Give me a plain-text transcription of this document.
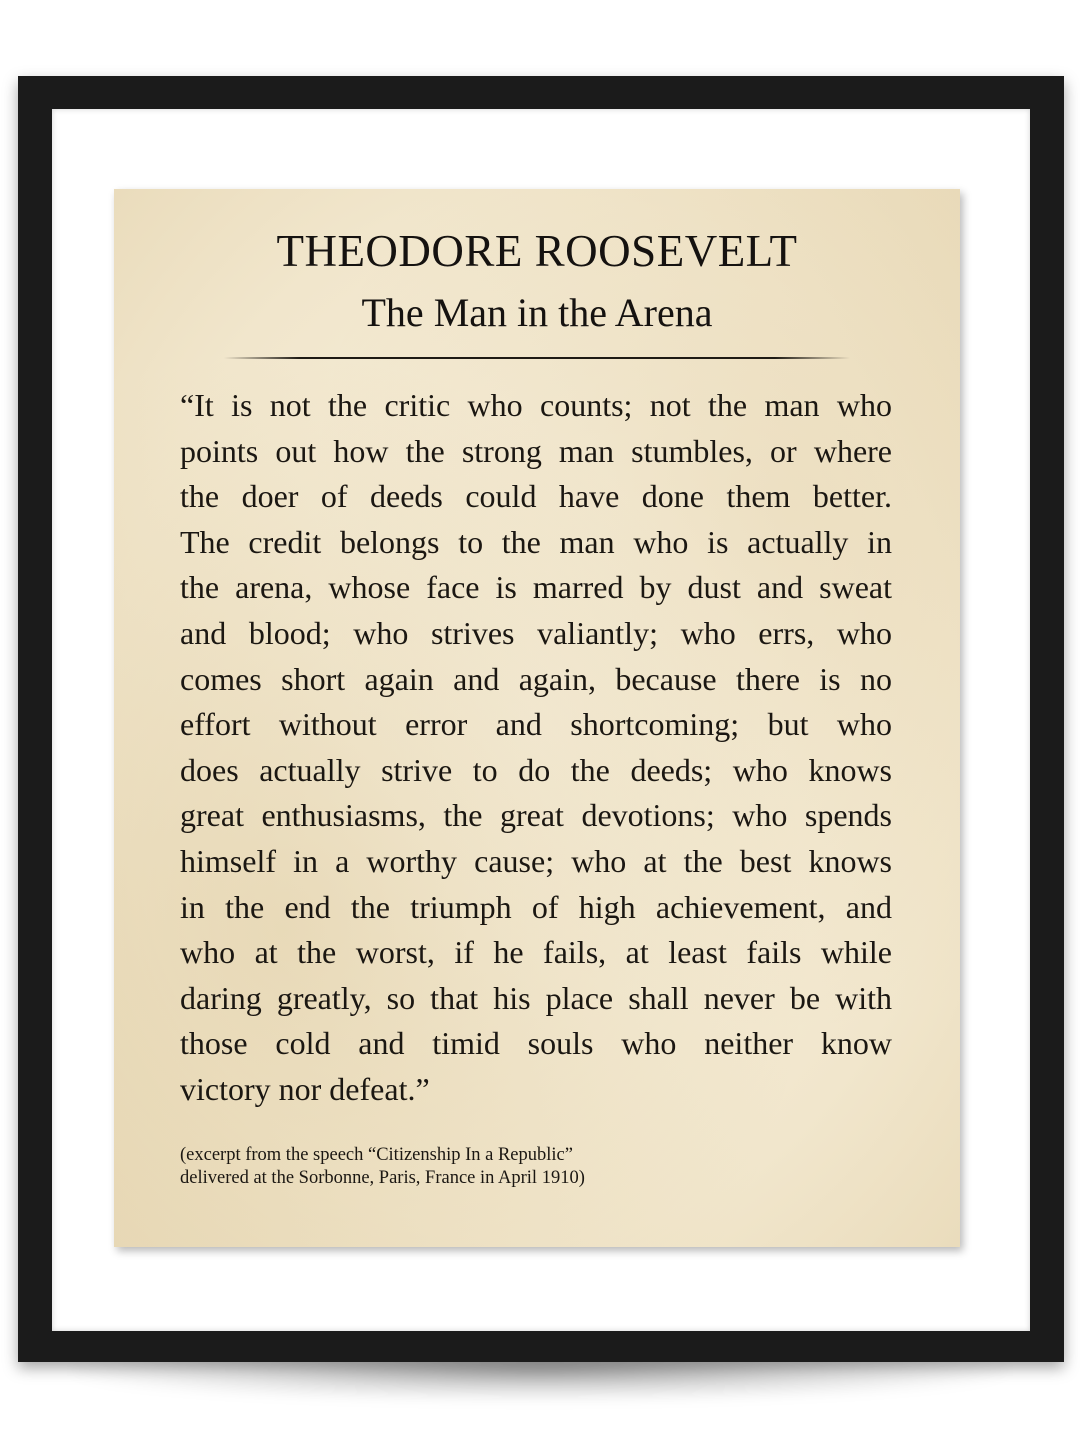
THEODORE ROOSEVELT
The Man in the Arena

“It is not the critic who counts; not the man who
points out how the strong man stumbles, or where
the doer of deeds could have done them better.
The credit belongs to the man who is actually in
the arena, whose face is marred by dust and sweat
and blood; who strives valiantly; who errs, who
comes short again and again, because there is no
effort without error and shortcoming; but who
does actually strive to do the deeds; who knows
great enthusiasms, the great devotions; who spends
himself in a worthy cause; who at the best knows
in the end the triumph of high achievement, and
who at the worst, if he fails, at least fails while
daring greatly, so that his place shall never be with
those cold and timid souls who neither know
victory nor defeat.”

(excerpt from the speech “Citizenship In a Republic”
delivered at the Sorbonne, Paris, France in April 1910)
